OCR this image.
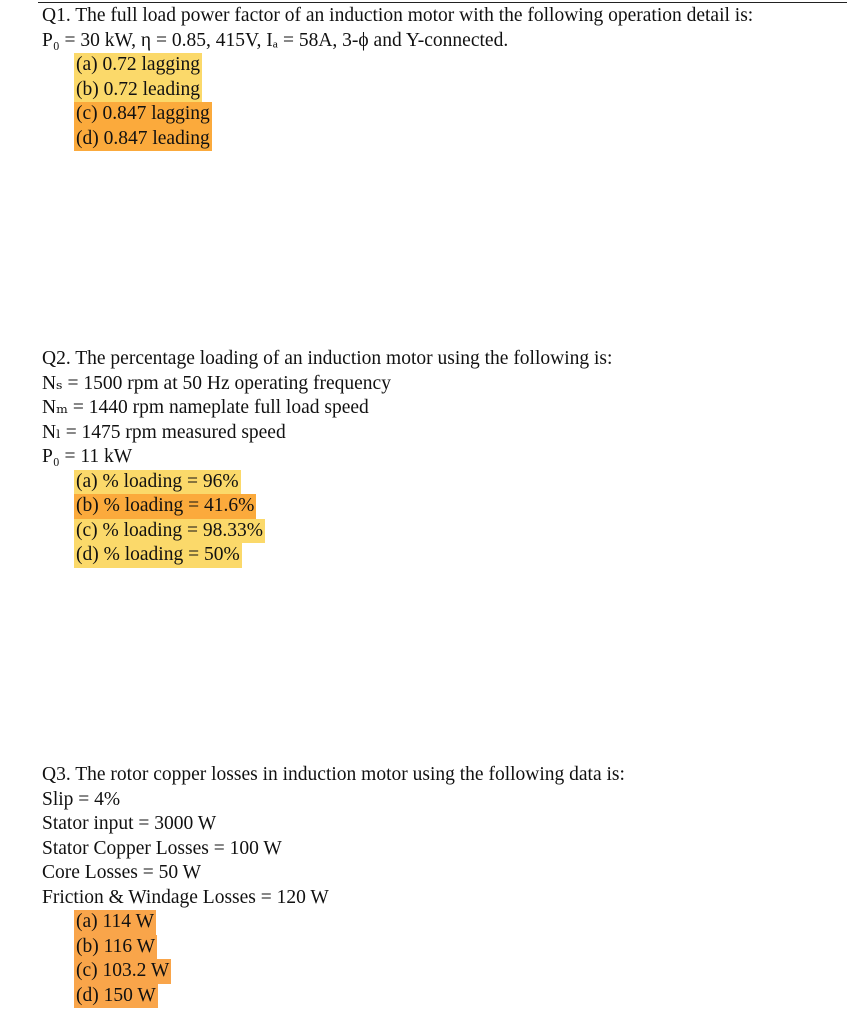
Q1. The full load power factor of an induction motor with the following operation detail is:
P₀ = 30 kW, η = 0.85, 415V, Iₐ = 58A, 3-ϕ and Y-connected.
(a) 0.72 lagging
(b) 0.72 leading
(c) 0.847 lagging
(d) 0.847 leading
Q2. The percentage loading of an induction motor using the following is:
Nₛ = 1500 rpm at 50 Hz operating frequency
Nₘ = 1440 rpm nameplate full load speed
Nₗ = 1475 rpm measured speed
P₀ = 11 kW
(a) % loading = 96%
(b) % loading = 41.6%
(c) % loading = 98.33%
(d) % loading = 50%
Q3. The rotor copper losses in induction motor using the following data is:
Slip = 4%
Stator input = 3000 W
Stator Copper Losses = 100 W
Core Losses = 50 W
Friction & Windage Losses = 120 W
(a) 114 W
(b) 116 W
(c) 103.2 W
(d) 150 W
